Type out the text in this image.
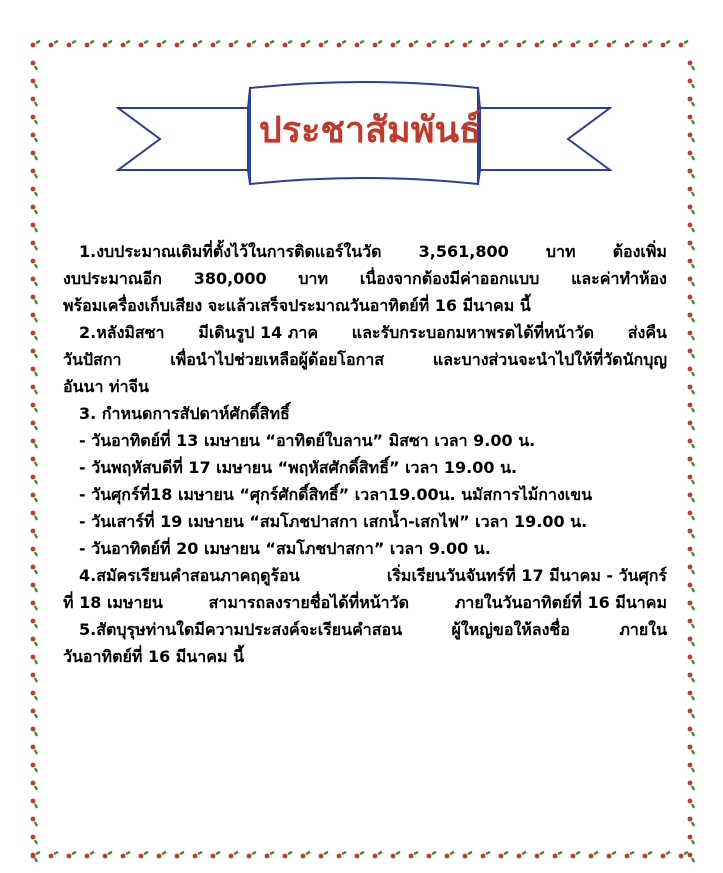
ประชาสัมพันธ์
1.งบประมาณเดิมที่ตั้งไว้ในการติดแอร์ในวัด 3,561,800 บาท ต้องเพิ่ม
งบประมาณอีก 380,000 บาท เนื่องจากต้องมีค่าออกแบบ และค่าทำห้อง
พร้อมเครื่องเก็บเสียง จะแล้วเสร็จประมาณวันอาทิตย์ที่ 16 มีนาคม นี้
2.หลังมิสซา มีเดินรูป 14 ภาค และรับกระบอกมหาพรตได้ที่หน้าวัด ส่งคืน
วันปัสกา	เพื่อนำไปช่วยเหลือผู้ด้อยโอกาส	และบางส่วนจะนำไปให้ที่วัดนักบุญ
อันนา ท่าจีน
3. กำหนดการสัปดาห์ศักดิ์สิทธิ์
- วันอาทิตย์ที่ 13 เมษายน “อาทิตย์ใบลาน” มิสซา เวลา 9.00 น.
- วันพฤหัสบดีที่ 17 เมษายน “พฤหัสศักดิ์สิทธิ์” เวลา 19.00 น.
- วันศุกร์ที่18 เมษายน “ศุกร์ศักดิ์สิทธิ์” เวลา19.00น. นมัสการไม้กางเขน
- วันเสาร์ที่ 19 เมษายน “สมโภชปาสกา เสกน้ำ-เสกไฟ” เวลา 19.00 น.
- วันอาทิตย์ที่ 20 เมษายน “สมโภชปาสกา” เวลา 9.00 น.
4.สมัครเรียนคำสอนภาคฤดูร้อน	เริ่มเรียนวันจันทร์ที่ 17 มีนาคม - วันศุกร์
ที่ 18 เมษายน	สามารถลงรายชื่อได้ที่หน้าวัด	ภายในวันอาทิตย์ที่ 16 มีนาคม
5.สัตบุรุษท่านใดมีความประสงค์จะเรียนคำสอน	ผู้ใหญ่ขอให้ลงชื่อ	ภายใน
วันอาทิตย์ที่ 16 มีนาคม นี้
